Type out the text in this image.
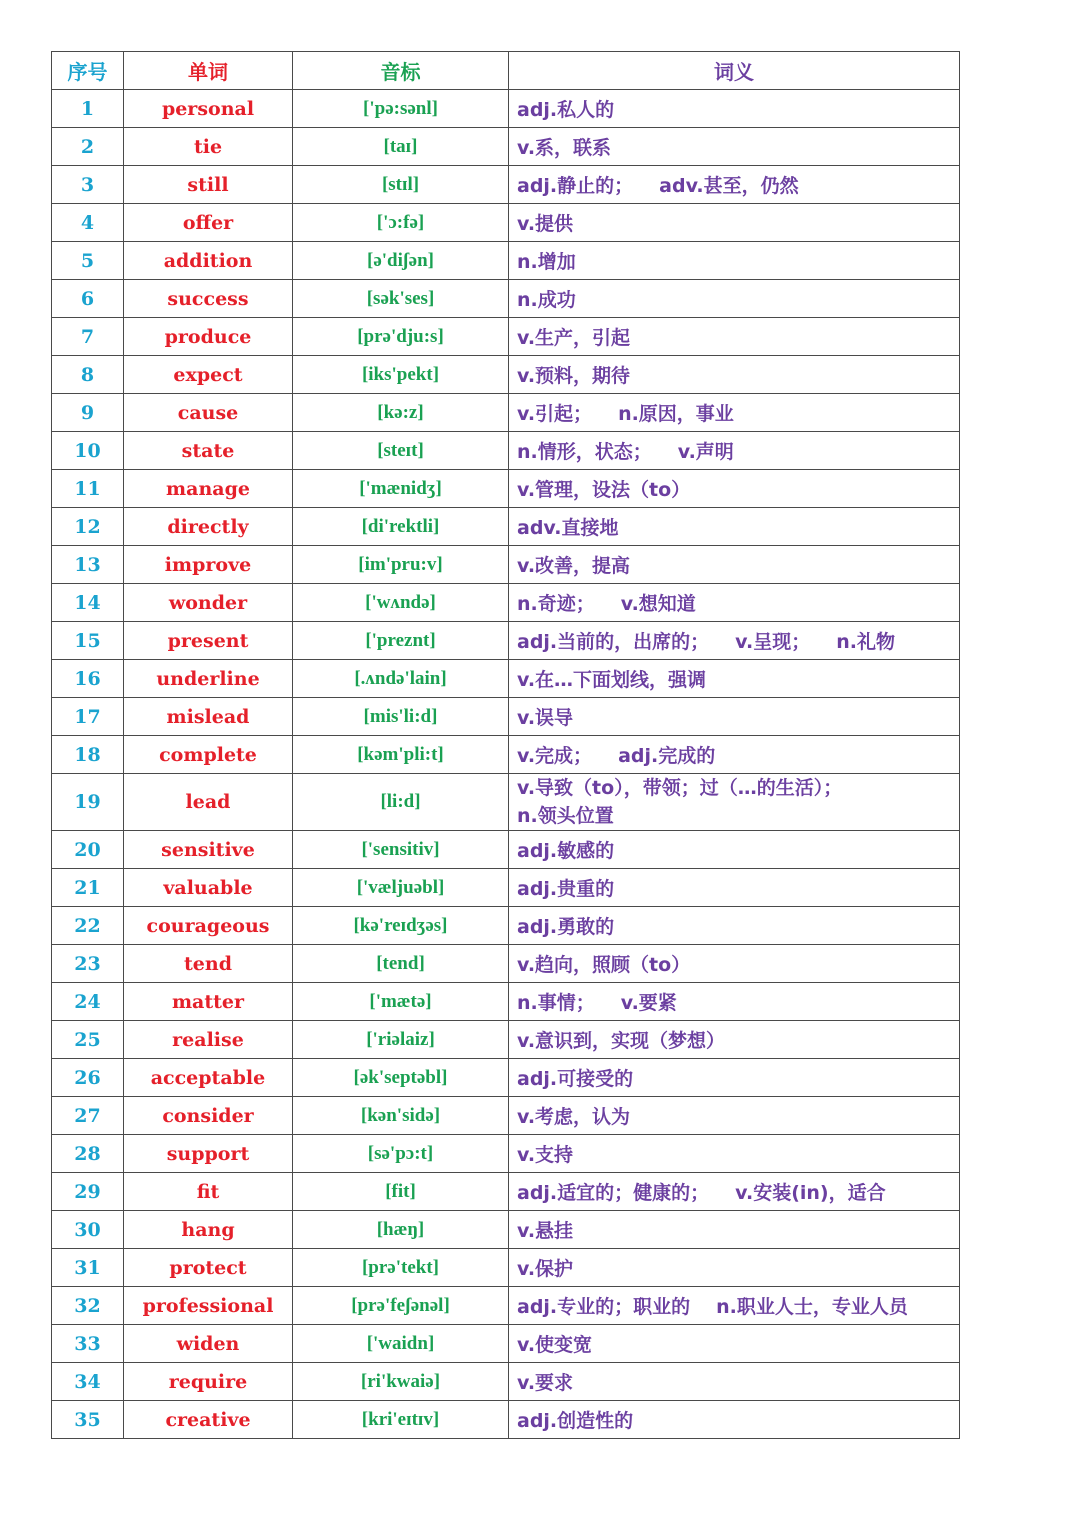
序号	单词	音标	词义
1	personal	['pə:sənl]	adj.私人的
2	tie	[taɪ]	v.系，联系
3	still	[stɪl]	adj.静止的； adv.甚至，仍然
4	offer	['ɔ:fə]	v.提供
5	addition	[ə'diʃən]	n.增加
6	success	[sək'ses]	n.成功
7	produce	[prə'dju:s]	v.生产，引起
8	expect	[iks'pekt]	v.预料，期待
9	cause	[kə:z]	v.引起； n.原因，事业
10	state	[steɪt]	n.情形，状态； v.声明
11	manage	['mænidʒ]	v.管理，设法（to）
12	directly	[di'rektli]	adv.直接地
13	improve	[im'pru:v]	v.改善，提高
14	wonder	['wʌndə]	n.奇迹； v.想知道
15	present	['preznt]	adj.当前的，出席的； v.呈现； n.礼物
16	underline	[.ʌndə'lain]	v.在…下面划线，强调
17	mislead	[mis'li:d]	v.误导
18	complete	[kəm'pli:t]	v.完成； adj.完成的
19	lead	[li:d]	v.导致（to），带领；过（…的生活）；
n.领头位置
20	sensitive	['sensitiv]	adj.敏感的
21	valuable	['væljuəbl]	adj.贵重的
22	courageous	[kə'reɪdʒəs]	adj.勇敢的
23	tend	[tend]	v.趋向，照顾（to）
24	matter	['mætə]	n.事情； v.要紧
25	realise	['riəlaiz]	v.意识到，实现（梦想）
26	acceptable	[ək'septəbl]	adj.可接受的
27	consider	[kən'sidə]	v.考虑，认为
28	support	[sə'pɔ:t]	v.支持
29	fit	[fit]	adj.适宜的；健康的； v.安装(in)，适合
30	hang	[hæŋ]	v.悬挂
31	protect	[prə'tekt]	v.保护
32	professional	[prə'feʃənəl]	adj.专业的；职业的 n.职业人士，专业人员
33	widen	['waidn]	v.使变宽
34	require	[ri'kwaiə]	v.要求
35	creative	[kri'eɪtɪv]	adj.创造性的
